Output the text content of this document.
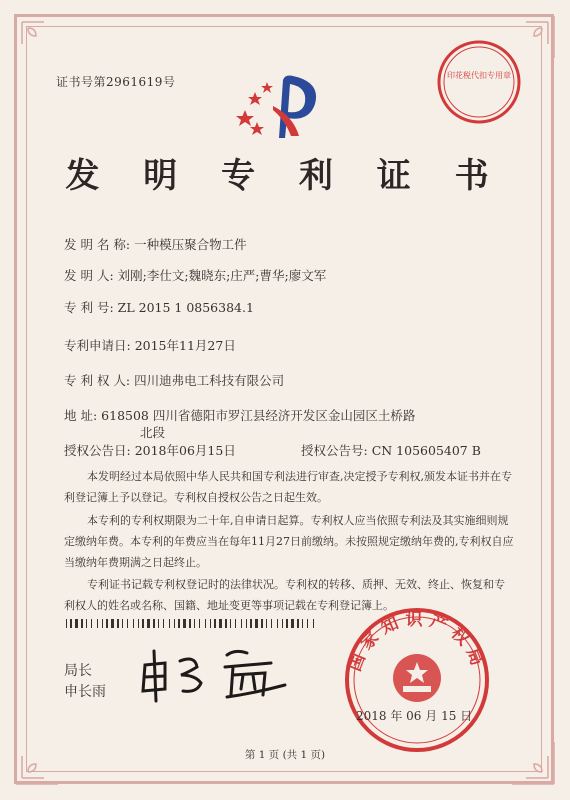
证书号第2961619号	印花税代扣专用章
发 明 专 利 证 书
发 明 名 称: 一种模压聚合物工件
发 明 人: 刘刚;李仕文;魏晓东;庄严;曹华;廖文军
专 利 号: ZL 2015 1 0856384.1
专利申请日: 2015年11月27日
专 利 权 人: 四川迪弗电工科技有限公司
地 址: 618508 四川省德阳市罗江县经济开发区金山园区土桥路
北段
授权公告日: 2018年06月15日	授权公告号: CN 105605407 B
本发明经过本局依照中华人民共和国专利法进行审查,决定授予专利权,颁发本证书并在专利登记簿上予以登记。专利权自授权公告之日起生效。
本专利的专利权期限为二十年,自申请日起算。专利权人应当依照专利法及其实施细则规定缴纳年费。本专利的年费应当在每年11月27日前缴纳。未按照规定缴纳年费的,专利权自应当缴纳年费期满之日起终止。
专利证书记载专利权登记时的法律状况。专利权的转移、质押、无效、终止、恢复和专利权人的姓名或名称、国籍、地址变更等事项记载在专利登记簿上。
局长
申长雨
国家知识产权局
2018 年 06 月 15 日
第 1 页 (共 1 页)
